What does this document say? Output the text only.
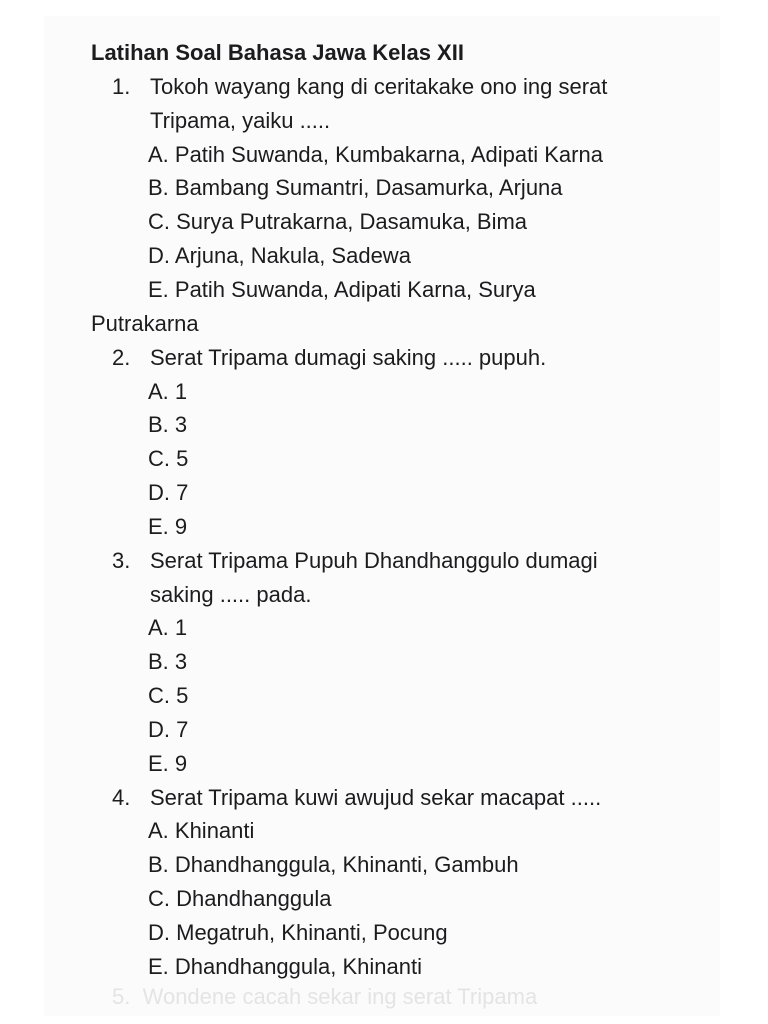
Latihan Soal Bahasa Jawa Kelas XII
1. Tokoh wayang kang di ceritakake ono ing serat
Tripama, yaiku .....
A. Patih Suwanda, Kumbakarna, Adipati Karna
B. Bambang Sumantri, Dasamurka, Arjuna
C. Surya Putrakarna, Dasamuka, Bima
D. Arjuna, Nakula, Sadewa
E. Patih Suwanda, Adipati Karna, Surya
Putrakarna
2. Serat Tripama dumagi saking ..... pupuh.
A. 1
B. 3
C. 5
D. 7
E. 9
3. Serat Tripama Pupuh Dhandhanggulo dumagi
saking ..... pada.
A. 1
B. 3
C. 5
D. 7
E. 9
4. Serat Tripama kuwi awujud sekar macapat .....
A. Khinanti
B. Dhandhanggula, Khinanti, Gambuh
C. Dhandhanggula
D. Megatruh, Khinanti, Pocung
E. Dhandhanggula, Khinanti
5. Wondene cacah sekar ing serat Tripama
